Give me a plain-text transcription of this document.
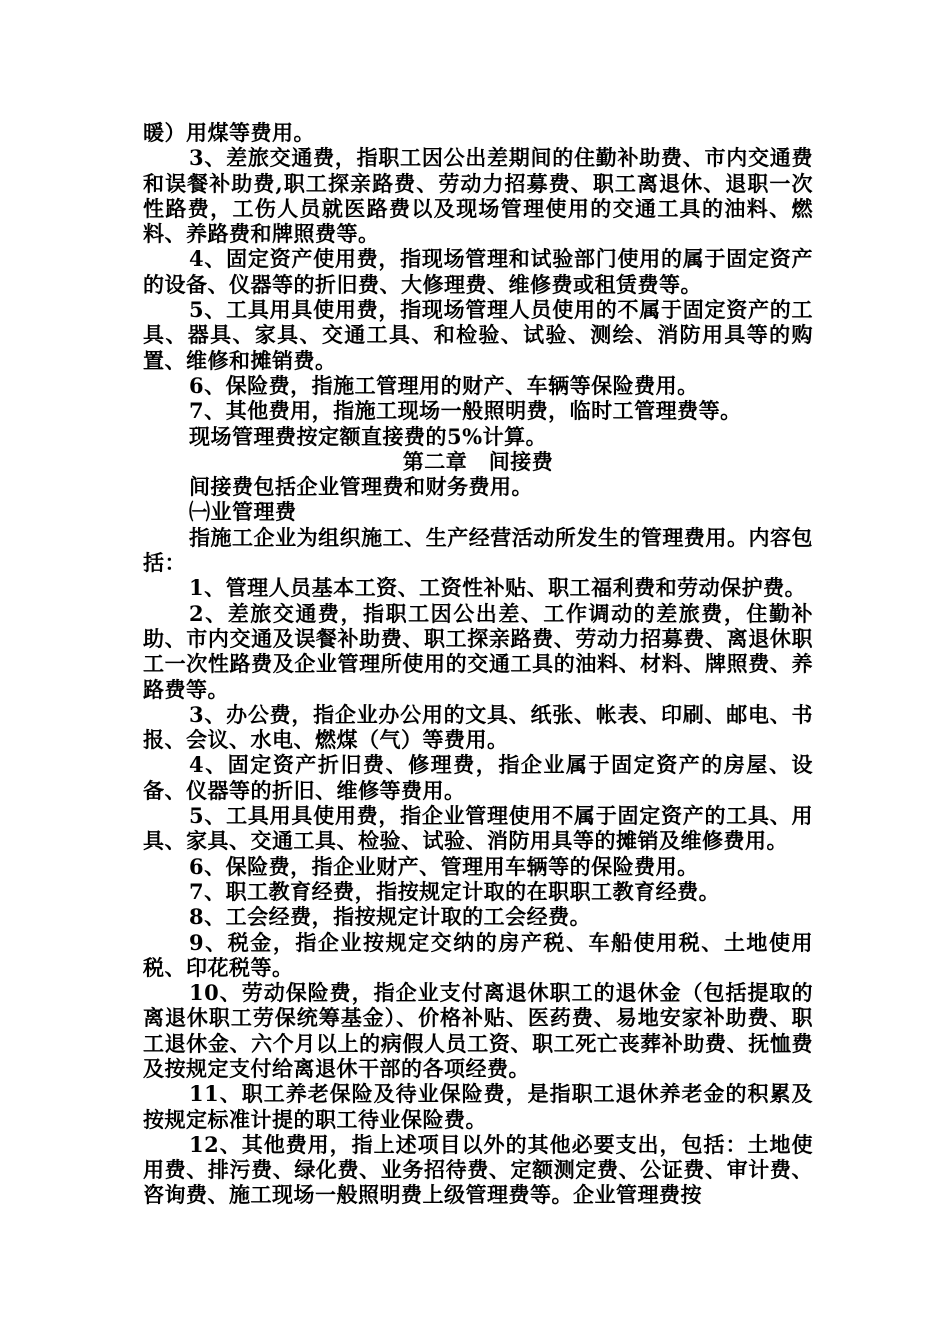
暖）用煤等费用。

3、差旅交通费，指职工因公出差期间的住勤补助费、市内交通费和误餐补助费,职工探亲路费、劳动力招募费、职工离退休、退职一次性路费，工伤人员就医路费以及现场管理使用的交通工具的油料、燃料、养路费和牌照费等。

4、固定资产使用费，指现场管理和试验部门使用的属于固定资产的设备、仪器等的折旧费、大修理费、维修费或租赁费等。

5、工具用具使用费，指现场管理人员使用的不属于固定资产的工具、器具、家具、交通工具、和检验、试验、测绘、消防用具等的购置、维修和摊销费。

6、保险费，指施工管理用的财产、车辆等保险费用。

7、其他费用，指施工现场一般照明费，临时工管理费等。

现场管理费按定额直接费的5%计算。

第二章　间接费

间接费包括企业管理费和财务费用。

㈠业管理费

指施工企业为组织施工、生产经营活动所发生的管理费用。内容包括：

1、管理人员基本工资、工资性补贴、职工福利费和劳动保护费。

2、差旅交通费，指职工因公出差、工作调动的差旅费，住勤补助、市内交通及误餐补助费、职工探亲路费、劳动力招募费、离退休职工一次性路费及企业管理所使用的交通工具的油料、材料、牌照费、养路费等。

3、办公费，指企业办公用的文具、纸张、帐表、印刷、邮电、书报、会议、水电、燃煤（气）等费用。

4、固定资产折旧费、修理费，指企业属于固定资产的房屋、设备、仪器等的折旧、维修等费用。

5、工具用具使用费，指企业管理使用不属于固定资产的工具、用具、家具、交通工具、检验、试验、消防用具等的摊销及维修费用。

6、保险费，指企业财产、管理用车辆等的保险费用。

7、职工教育经费，指按规定计取的在职职工教育经费。

8、工会经费，指按规定计取的工会经费。

9、税金，指企业按规定交纳的房产税、车船使用税、土地使用税、印花税等。

10、劳动保险费，指企业支付离退休职工的退休金（包括提取的离退休职工劳保统筹基金）、价格补贴、医药费、易地安家补助费、职工退休金、六个月以上的病假人员工资、职工死亡丧葬补助费、抚恤费及按规定支付给离退休干部的各项经费。

11、职工养老保险及待业保险费，是指职工退休养老金的积累及按规定标准计提的职工待业保险费。

12、其他费用，指上述项目以外的其他必要支出，包括：土地使用费、排污费、绿化费、业务招待费、定额测定费、公证费、审计费、咨询费、施工现场一般照明费上级管理费等。企业管理费按
